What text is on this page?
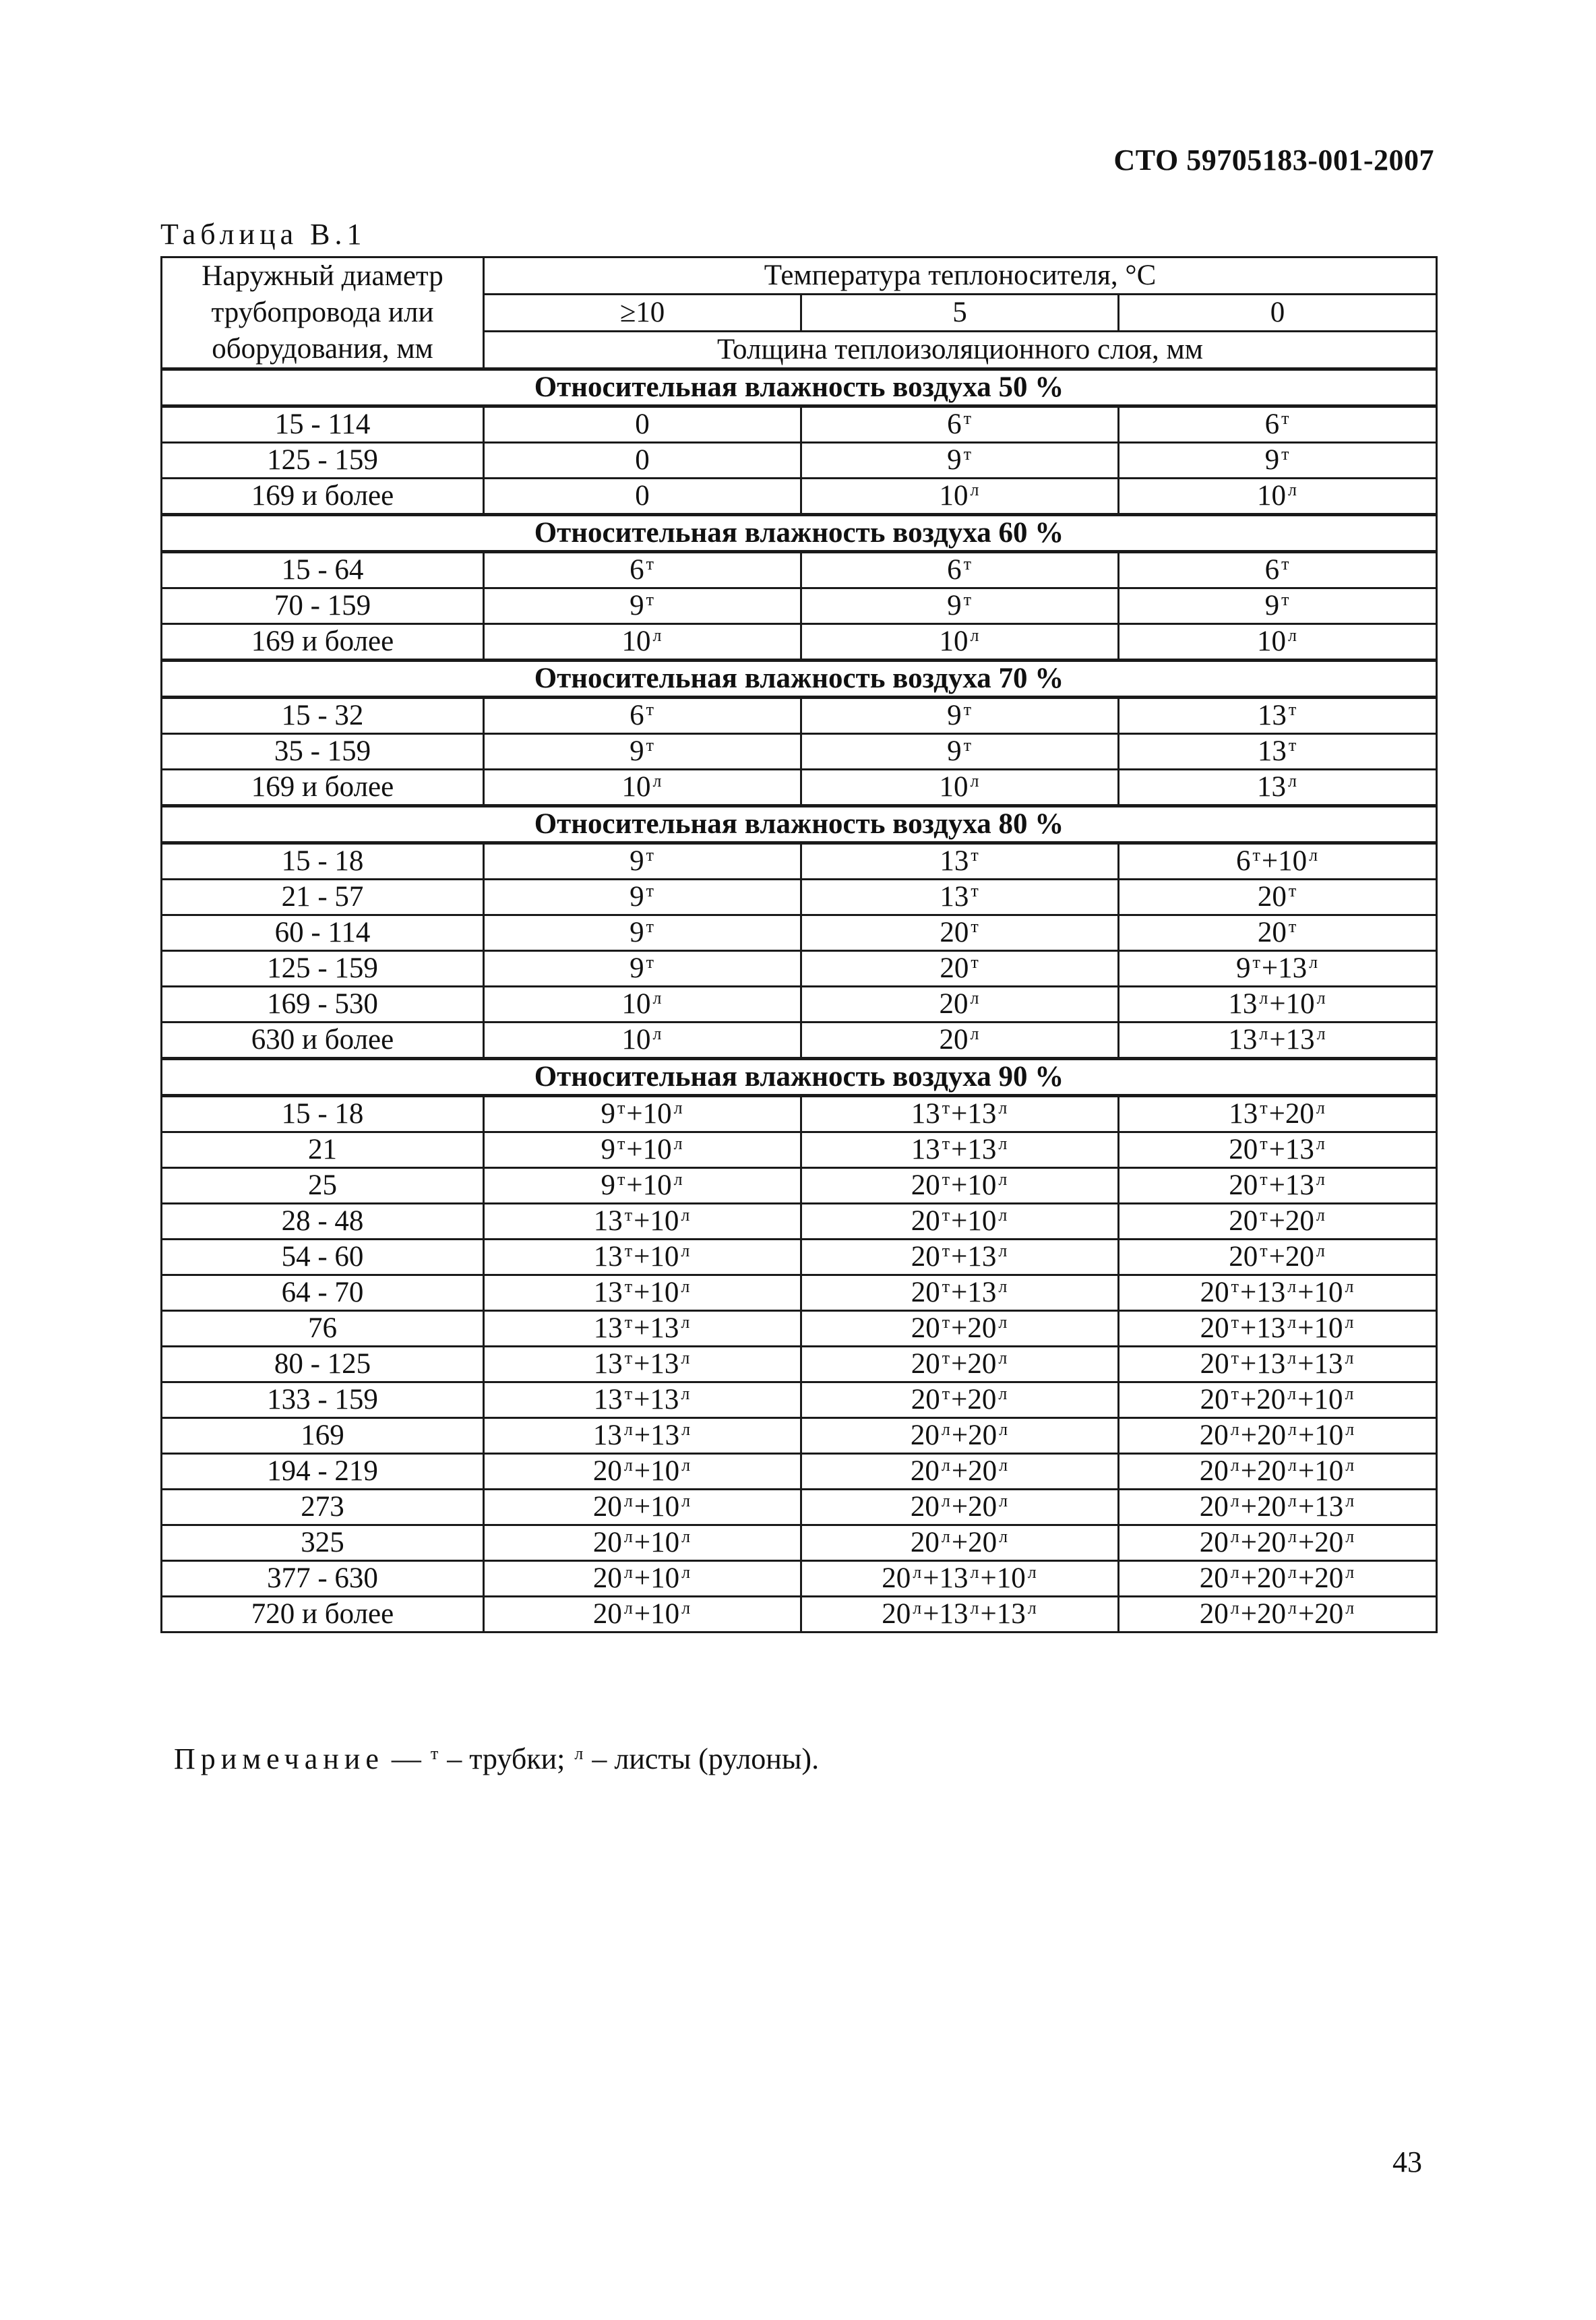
СТО 59705183-001-2007
Таблица В.1
Наружный диаметр трубопровода или оборудования, мм	Температура теплоносителя, °С		
	≥10	5	0
	Толщина теплоизоляционного слоя, мм		
Относительная влажность воздуха 50 %			
15 - 114	0	6 $^т$	6 $^т$
125 - 159	0	9 $^т$	9 $^т$
169 и более	0	10 $^л$	10 $^л$
Относительная влажность воздуха 60 %			
15 - 64	6 $^т$	6 $^т$	6 $^т$
70 - 159	9 $^т$	9 $^т$	9 $^т$
169 и более	10 $^л$	10 $^л$	10 $^л$
Относительная влажность воздуха 70 %			
15 - 32	6 $^т$	9 $^т$	13 $^т$
35 - 159	9 $^т$	9 $^т$	13 $^т$
169 и более	10 $^л$	10 $^л$	13 $^л$
Относительная влажность воздуха 80 %			
15 - 18	9 $^т$	13 $^т$	6 $^т$+10 $^л$
21 - 57	9 $^т$	13 $^т$	20 $^т$
60 - 114	9 $^т$	20 $^т$	20 $^т$
125 - 159	9 $^т$	20 $^т$	9 $^т$+13 $^л$
169 - 530	10 $^л$	20 $^л$	13 $^л$+10 $^л$
630 и более	10 $^л$	20 $^л$	13 $^л$+13 $^л$
Относительная влажность воздуха 90 %			
15 - 18	9 $^т$+10 $^л$	13 $^т$+13 $^л$	13 $^т$+20 $^л$
21	9 $^т$+10 $^л$	13 $^т$+13 $^л$	20 $^т$+13 $^л$
25	9 $^т$+10 $^л$	20 $^т$+10 $^л$	20 $^т$+13 $^л$
28 - 48	13 $^т$+10 $^л$	20 $^т$+10 $^л$	20 $^т$+20 $^л$
54 - 60	13 $^т$+10 $^л$	20 $^т$+13 $^л$	20 $^т$+20 $^л$
64 - 70	13 $^т$+10 $^л$	20 $^т$+13 $^л$	20 $^т$+13 $^л$+10 $^л$
76	13 $^т$+13 $^л$	20 $^т$+20 $^л$	20 $^т$+13 $^л$+10 $^л$
80 - 125	13 $^т$+13 $^л$	20 $^т$+20 $^л$	20 $^т$+13 $^л$+13 $^л$
133 - 159	13 $^т$+13 $^л$	20 $^т$+20 $^л$	20 $^т$+20 $^л$+10 $^л$
169	13 $^л$+13 $^л$	20 $^л$+20 $^л$	20 $^л$+20 $^л$+10 $^л$
194 - 219	20 $^л$+10 $^л$	20 $^л$+20 $^л$	20 $^л$+20 $^л$+10 $^л$
273	20 $^л$+10 $^л$	20 $^л$+20 $^л$	20 $^л$+20 $^л$+13 $^л$
325	20 $^л$+10 $^л$	20 $^л$+20 $^л$	20 $^л$+20 $^л$+20 $^л$
377 - 630	20 $^л$+10 $^л$	20 $^л$+13 $^л$+10 $^л$	20 $^л$+20 $^л$+20 $^л$
720 и более	20 $^л$+10 $^л$	20 $^л$+13 $^л$+13 $^л$	20 $^л$+20 $^л$+20 $^л$
Примечание — $^т$ – трубки; $^л$ – листы (рулоны).
43
